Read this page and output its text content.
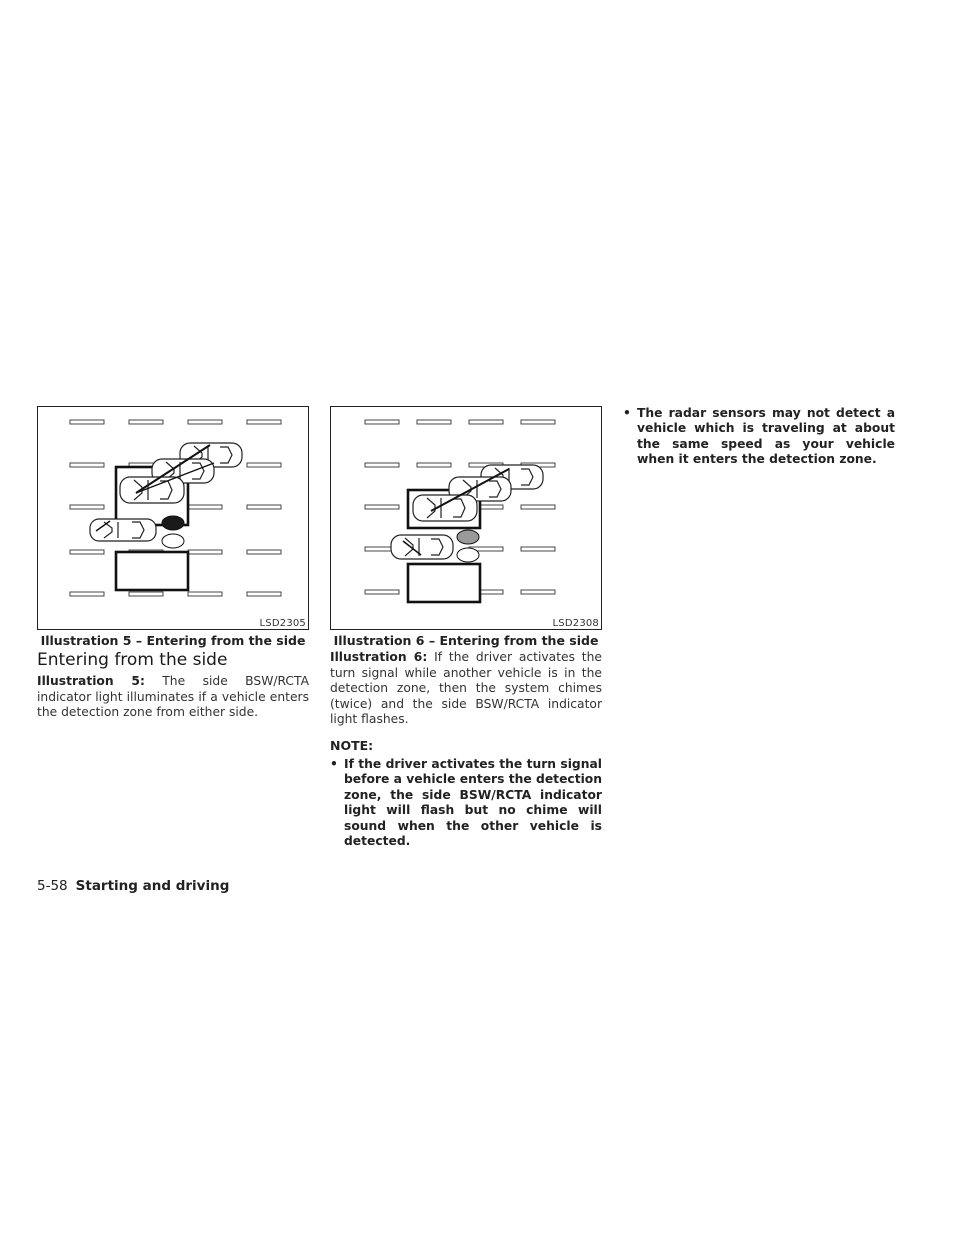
LSD2305
Illustration 5 – Entering from the side
LSD2308
Illustration 6 – Entering from the side
Entering from the side
Illustration 5: The side BSW/RCTA indicator light illuminates if a vehicle enters the detection zone from either side.
Illustration 6: If the driver activates the turn signal while another vehicle is in the detection zone, then the system chimes (twice) and the side BSW/RCTA indicator light flashes.
NOTE:
• If the driver activates the turn signal before a vehicle enters the detection zone, the side BSW/RCTA indicator light will flash but no chime will sound when the other vehicle is detected.
• The radar sensors may not detect a vehicle which is traveling at about the same speed as your vehicle when it enters the detection zone.
5-58 Starting and driving
